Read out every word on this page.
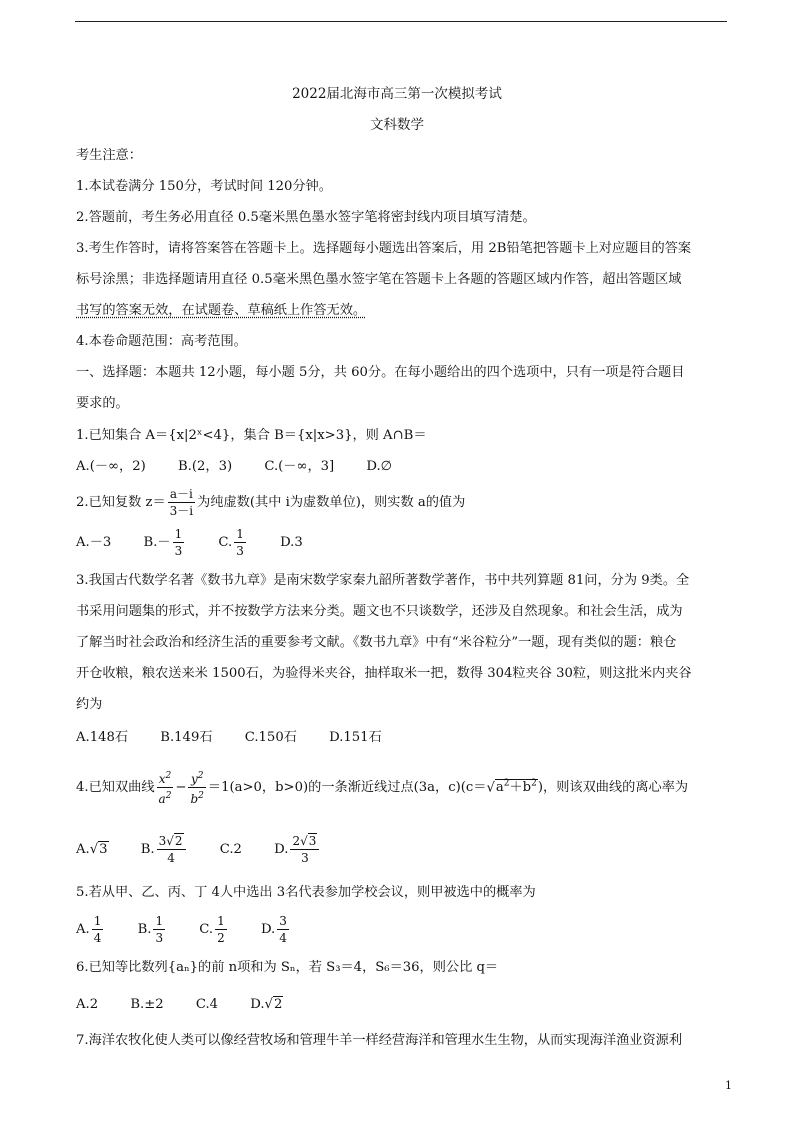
2022届北海市高三第一次模拟考试
文科数学
考生注意：
1.本试卷满分 150分，考试时间 120分钟。
2.答题前，考生务必用直径 0.5毫米黑色墨水签字笔将密封线内项目填写清楚。
3.考生作答时，请将答案答在答题卡上。选择题每小题选出答案后，用 2B铅笔把答题卡上对应题目的答案
标号涂黑；非选择题请用直径 0.5毫米黑色墨水签字笔在答题卡上各题的答题区域内作答，超出答题区域
书写的答案无效，在试题卷、草稿纸上作答无效。
4.本卷命题范围：高考范围。
一、选择题：本题共 12小题，每小题 5分，共 60分。在每小题给出的四个选项中，只有一项是符合题目
要求的。
1.已知集合 A＝{x|2ˣ<4}，集合 B＝{x|x>3}，则 A∩B＝
A.(－∞，2) B.(2，3) C.(－∞，3] D.∅
2.已知复数 $z= \frac{a-i}{3-i}$ 为纯虚数(其中 i为虚数单位)，则实数 a的值为
A.－3 $B.- \frac{1}{3}$	C. $\frac{1}{3}$	D.3
3.我国古代数学名著《数书九章》是南宋数学家秦九韶所著数学著作，书中共列算题 81问，分为 9类。全
书采用问题集的形式，并不按数学方法来分类。题文也不只谈数学，还涉及自然现象。和社会生活，成为
了解当时社会政治和经济生活的重要参考文献。《数书九章》中有“米谷粒分”一题，现有类似的题：粮仓
开仓收粮，粮农送来米 1500石，为验得米夹谷，抽样取米一把，数得 304粒夹谷 30粒，则这批米内夹谷
约为
A.148石 B.149石 C.150石 D.151石
4.已知双曲线 $\frac{x^2}{a^2} - \frac{y^2}{b^2} =1(a>0$，b>0)的一条渐近线过点(3a，$c)(c=√a^2+b^2)$，则该双曲线的离心率为
A.√3	B. $\frac{3√2}{4}$	C.2 D. $\frac{2√3}{3}$
5.若从甲、乙、丙、丁 4人中选出 3名代表参加学校会议，则甲被选中的概率为
A. $\frac{1}{4}$	B. $\frac{1}{3}$	C. $\frac{1}{2}$	D. $\frac{3}{4}$
6.已知等比数列{aₙ}的前 n项和为 Sₙ，若 S₃＝4，S₆＝36，则公比 q＝
A.2 B.±2 C.4 D.√2
7.海洋农牧化使人类可以像经营牧场和管理牛羊一样经营海洋和管理水生生物，从而实现海洋渔业资源利
1
